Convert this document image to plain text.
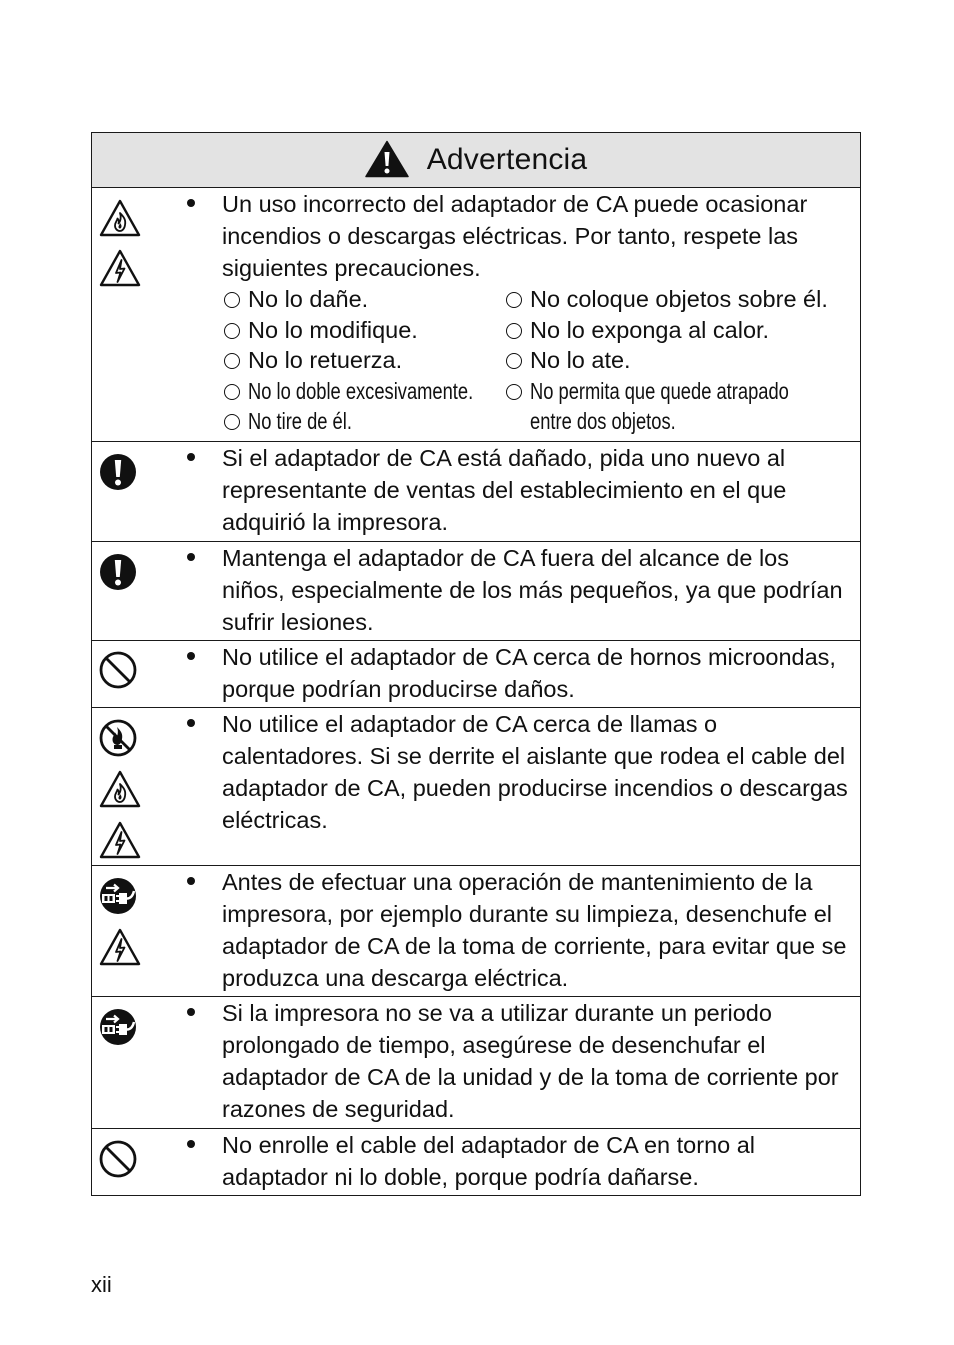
Advertencia

Un uso incorrecto del adaptador de CA puede ocasionar incendios o descargas eléctricas. Por tanto, respete las siguientes precauciones.

No lo dañe.	No coloque objetos sobre él.
No lo modifique.	No lo exponga al calor.
No lo retuerza.	No lo ate.
No lo doble excesivamente.	No permita que quede atrapado
No tire de él.	entre dos objetos.
Si el adaptador de CA está dañado, pida uno nuevo al representante de ventas del establecimiento en el que adquirió la impresora.
Mantenga el adaptador de CA fuera del alcance de los niños, especialmente de los más pequeños, ya que podrían sufrir lesiones.
No utilice el adaptador de CA cerca de hornos microondas, porque podrían producirse daños.
No utilice el adaptador de CA cerca de llamas o calentadores. Si se derrite el aislante que rodea el cable del adaptador de CA, pueden producirse incendios o descargas eléctricas.
Antes de efectuar una operación de mantenimiento de la impresora, por ejemplo durante su limpieza, desenchufe el adaptador de CA de la toma de corriente, para evitar que se produzca una descarga eléctrica.
Si la impresora no se va a utilizar durante un periodo prolongado de tiempo, asegúrese de desenchufar el adaptador de CA de la unidad y de la toma de corriente por razones de seguridad.
No enrolle el cable del adaptador de CA en torno al adaptador ni lo doble, porque podría dañarse.
xii
